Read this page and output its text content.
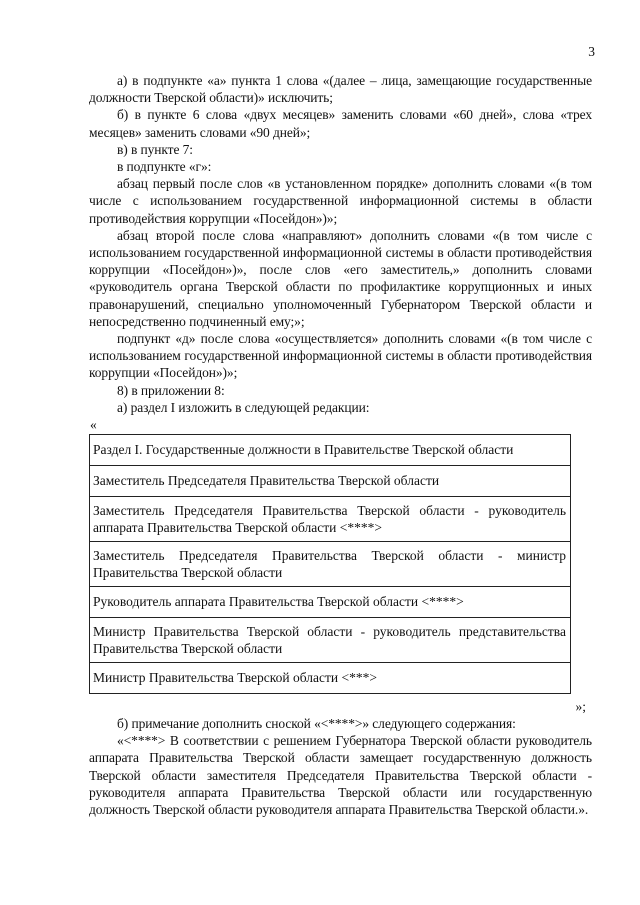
3

а) в подпункте «а» пункта 1 слова «(далее – лица, замещающие государственные должности Тверской области)» исключить;

б) в пункте 6 слова «двух месяцев» заменить словами «60 дней», слова «трех месяцев» заменить словами «90 дней»;

в) в пункте 7:

в подпункте «г»:

абзац первый после слов «в установленном порядке» дополнить словами «(в том числе с использованием государственной информационной системы в области противодействия коррупции «Посейдон»)»;

абзац второй после слова «направляют» дополнить словами «(в том числе с использованием государственной информационной системы в области противодействия коррупции «Посейдон»)», после слов «его заместитель,» дополнить словами «руководитель органа Тверской области по профилактике коррупционных и иных правонарушений, специально уполномоченный Губернатором Тверской области и непосредственно подчиненный ему;»;

подпункт «д» после слова «осуществляется» дополнить словами «(в том числе с использованием государственной информационной системы в области противодействия коррупции «Посейдон»)»;

8) в приложении 8:

а) раздел I изложить в следующей редакции:

«
Раздел I. Государственные должности в Правительстве Тверской области
Заместитель Председателя Правительства Тверской области
Заместитель Председателя Правительства Тверской области - руководитель аппарата Правительства Тверской области <****>
Заместитель Председателя Правительства Тверской области - министр Правительства Тверской области
Руководитель аппарата Правительства Тверской области <****>
Министр Правительства Тверской области - руководитель представительства Правительства Тверской области
Министр Правительства Тверской области <***>
»;

б) примечание дополнить сноской «<****>» следующего содержания:

«<****> В соответствии с решением Губернатора Тверской области руководитель аппарата Правительства Тверской области замещает государственную должность Тверской области заместителя Председателя Правительства Тверской области - руководителя аппарата Правительства Тверской области или государственную должность Тверской области руководителя аппарата Правительства Тверской области.».
